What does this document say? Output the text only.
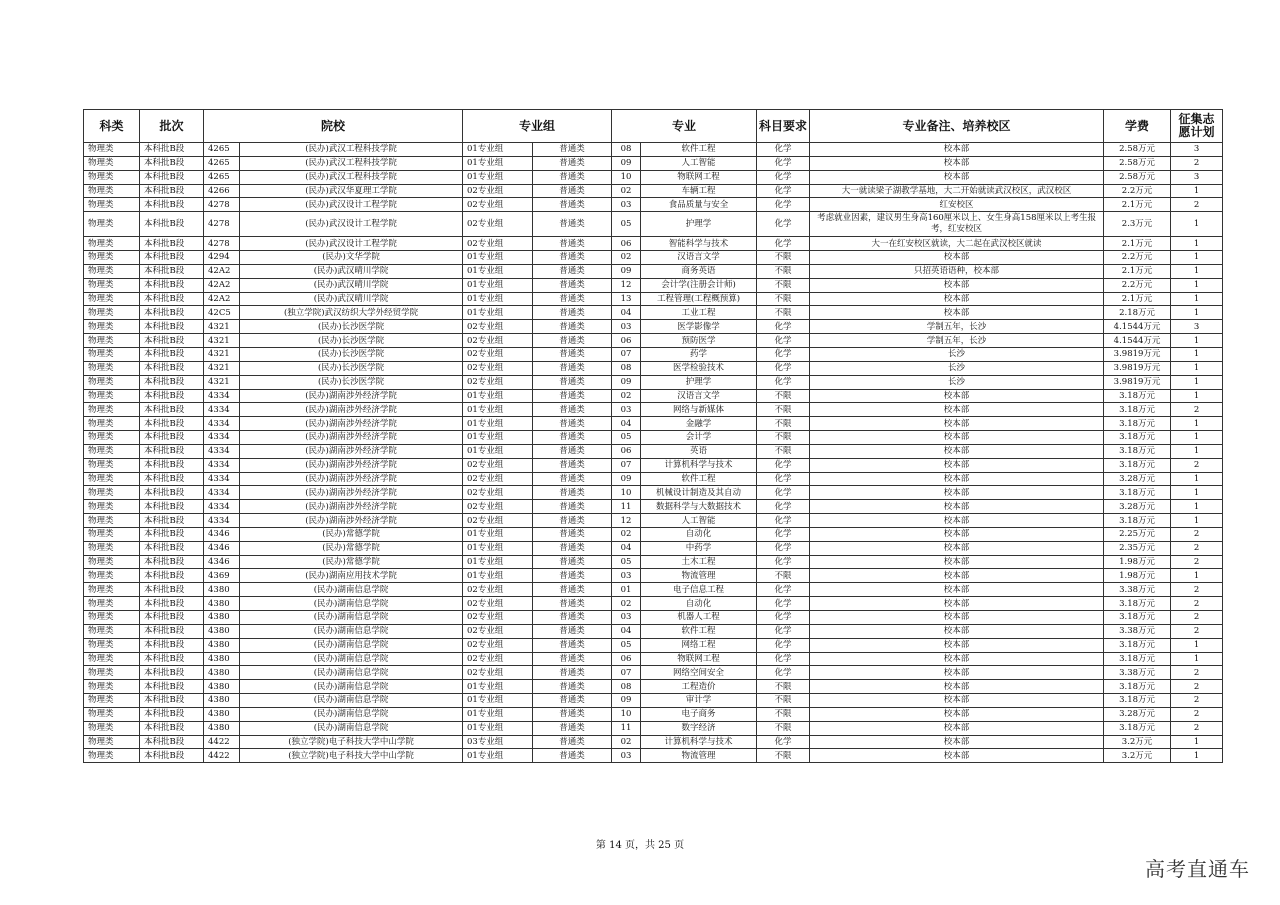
科类	批次	院校		专业组		专业		科目要求	专业备注、培养校区	学费	征集志愿计划
物理类	本科批B段	4265	(民办)武汉工程科技学院	01专业组	普通类	08	软件工程	化学	校本部	2.58万元	3
物理类	本科批B段	4265	(民办)武汉工程科技学院	01专业组	普通类	09	人工智能	化学	校本部	2.58万元	2
物理类	本科批B段	4265	(民办)武汉工程科技学院	01专业组	普通类	10	物联网工程	化学	校本部	2.58万元	3
物理类	本科批B段	4266	(民办)武汉华夏理工学院	02专业组	普通类	02	车辆工程	化学	大一就读梁子湖教学基地，大二开始就读武汉校区，武汉校区	2.2万元	1
物理类	本科批B段	4278	(民办)武汉设计工程学院	02专业组	普通类	03	食品质量与安全	化学	红安校区	2.1万元	2
物理类	本科批B段	4278	(民办)武汉设计工程学院	02专业组	普通类	05	护理学	化学	考虑就业因素，建议男生身高160厘米以上、女生身高158厘米以上考生报考，红安校区	2.3万元	1
物理类	本科批B段	4278	(民办)武汉设计工程学院	02专业组	普通类	06	智能科学与技术	化学	大一在红安校区就读，大二起在武汉校区就读	2.1万元	1
物理类	本科批B段	4294	(民办)文华学院	01专业组	普通类	02	汉语言文学	不限	校本部	2.2万元	1
物理类	本科批B段	42A2	(民办)武汉晴川学院	01专业组	普通类	09	商务英语	不限	只招英语语种，校本部	2.1万元	1
物理类	本科批B段	42A2	(民办)武汉晴川学院	01专业组	普通类	12	会计学(注册会计师)	不限	校本部	2.2万元	1
物理类	本科批B段	42A2	(民办)武汉晴川学院	01专业组	普通类	13	工程管理(工程概预算)	不限	校本部	2.1万元	1
物理类	本科批B段	42C5	(独立学院)武汉纺织大学外经贸学院	01专业组	普通类	04	工业工程	不限	校本部	2.18万元	1
物理类	本科批B段	4321	(民办)长沙医学院	02专业组	普通类	03	医学影像学	化学	学制五年，长沙	4.1544万元	3
物理类	本科批B段	4321	(民办)长沙医学院	02专业组	普通类	06	预防医学	化学	学制五年，长沙	4.1544万元	1
物理类	本科批B段	4321	(民办)长沙医学院	02专业组	普通类	07	药学	化学	长沙	3.9819万元	1
物理类	本科批B段	4321	(民办)长沙医学院	02专业组	普通类	08	医学检验技术	化学	长沙	3.9819万元	1
物理类	本科批B段	4321	(民办)长沙医学院	02专业组	普通类	09	护理学	化学	长沙	3.9819万元	1
物理类	本科批B段	4334	(民办)湖南涉外经济学院	01专业组	普通类	02	汉语言文学	不限	校本部	3.18万元	1
物理类	本科批B段	4334	(民办)湖南涉外经济学院	01专业组	普通类	03	网络与新媒体	不限	校本部	3.18万元	2
物理类	本科批B段	4334	(民办)湖南涉外经济学院	01专业组	普通类	04	金融学	不限	校本部	3.18万元	1
物理类	本科批B段	4334	(民办)湖南涉外经济学院	01专业组	普通类	05	会计学	不限	校本部	3.18万元	1
物理类	本科批B段	4334	(民办)湖南涉外经济学院	01专业组	普通类	06	英语	不限	校本部	3.18万元	1
物理类	本科批B段	4334	(民办)湖南涉外经济学院	02专业组	普通类	07	计算机科学与技术	化学	校本部	3.18万元	2
物理类	本科批B段	4334	(民办)湖南涉外经济学院	02专业组	普通类	09	软件工程	化学	校本部	3.28万元	1
物理类	本科批B段	4334	(民办)湖南涉外经济学院	02专业组	普通类	10	机械设计制造及其自动	化学	校本部	3.18万元	1
物理类	本科批B段	4334	(民办)湖南涉外经济学院	02专业组	普通类	11	数据科学与大数据技术	化学	校本部	3.28万元	1
物理类	本科批B段	4334	(民办)湖南涉外经济学院	02专业组	普通类	12	人工智能	化学	校本部	3.18万元	1
物理类	本科批B段	4346	(民办)常德学院	01专业组	普通类	02	自动化	化学	校本部	2.25万元	2
物理类	本科批B段	4346	(民办)常德学院	01专业组	普通类	04	中药学	化学	校本部	2.35万元	2
物理类	本科批B段	4346	(民办)常德学院	01专业组	普通类	05	土木工程	化学	校本部	1.98万元	2
物理类	本科批B段	4369	(民办)湖南应用技术学院	01专业组	普通类	03	物流管理	不限	校本部	1.98万元	1
物理类	本科批B段	4380	(民办)湖南信息学院	02专业组	普通类	01	电子信息工程	化学	校本部	3.38万元	2
物理类	本科批B段	4380	(民办)湖南信息学院	02专业组	普通类	02	自动化	化学	校本部	3.18万元	2
物理类	本科批B段	4380	(民办)湖南信息学院	02专业组	普通类	03	机器人工程	化学	校本部	3.18万元	2
物理类	本科批B段	4380	(民办)湖南信息学院	02专业组	普通类	04	软件工程	化学	校本部	3.38万元	2
物理类	本科批B段	4380	(民办)湖南信息学院	02专业组	普通类	05	网络工程	化学	校本部	3.18万元	1
物理类	本科批B段	4380	(民办)湖南信息学院	02专业组	普通类	06	物联网工程	化学	校本部	3.18万元	1
物理类	本科批B段	4380	(民办)湖南信息学院	02专业组	普通类	07	网络空间安全	化学	校本部	3.38万元	2
物理类	本科批B段	4380	(民办)湖南信息学院	01专业组	普通类	08	工程造价	不限	校本部	3.18万元	2
物理类	本科批B段	4380	(民办)湖南信息学院	01专业组	普通类	09	审计学	不限	校本部	3.18万元	2
物理类	本科批B段	4380	(民办)湖南信息学院	01专业组	普通类	10	电子商务	不限	校本部	3.28万元	2
物理类	本科批B段	4380	(民办)湖南信息学院	01专业组	普通类	11	数字经济	不限	校本部	3.18万元	2
物理类	本科批B段	4422	(独立学院)电子科技大学中山学院	03专业组	普通类	02	计算机科学与技术	化学	校本部	3.2万元	1
物理类	本科批B段	4422	(独立学院)电子科技大学中山学院	01专业组	普通类	03	物流管理	不限	校本部	3.2万元	1
第 14 页，共 25 页
高考直通车
